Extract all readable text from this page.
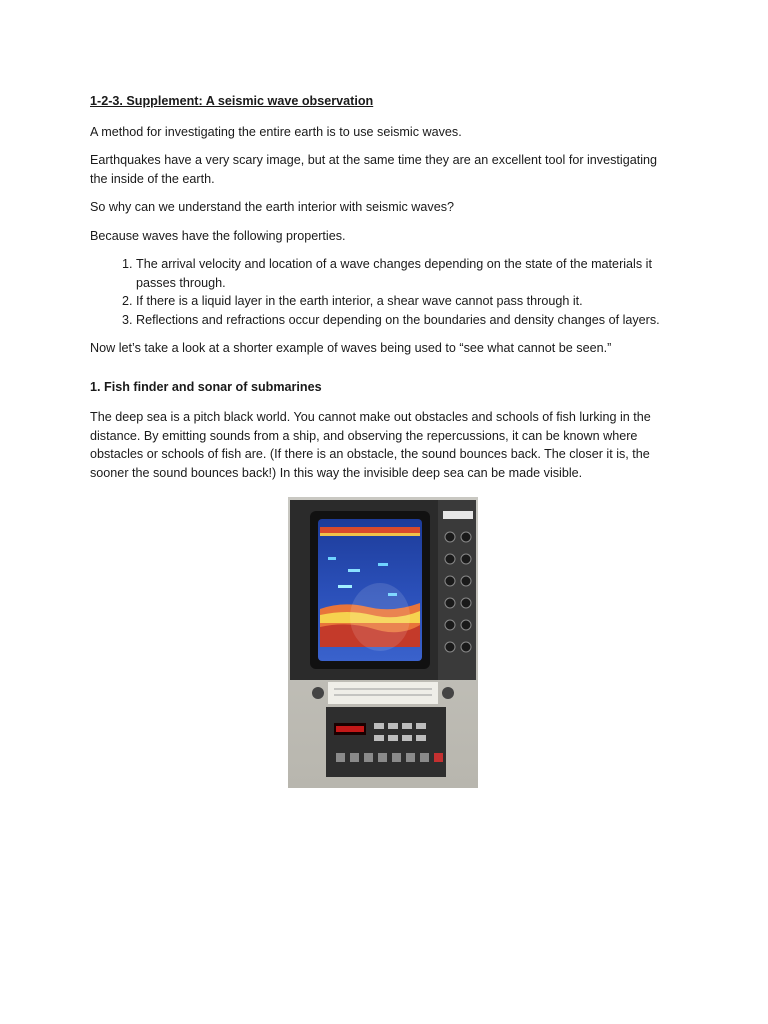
1-2-3. Supplement: A seismic wave observation

A method for investigating the entire earth is to use seismic waves.

Earthquakes have a very scary image, but at the same time they are an excellent tool for investigating the inside of the earth.

So why can we understand the earth interior with seismic waves?

Because waves have the following properties.

1. The arrival velocity and location of a wave changes depending on the state of the materials it passes through.
2. If there is a liquid layer in the earth interior, a shear wave cannot pass through it.
3. Reflections and refractions occur depending on the boundaries and density changes of layers.

Now let’s take a look at a shorter example of waves being used to “see what cannot be seen.”

1. Fish finder and sonar of submarines

The deep sea is a pitch black world. You cannot make out obstacles and schools of fish lurking in the distance. By emitting sounds from a ship, and observing the repercussions, it can be known where obstacles or schools of fish are. (If there is an obstacle, the sound bounces back. The closer it is, the sooner the sound bounces back!) In this way the invisible deep sea can be made visible.
